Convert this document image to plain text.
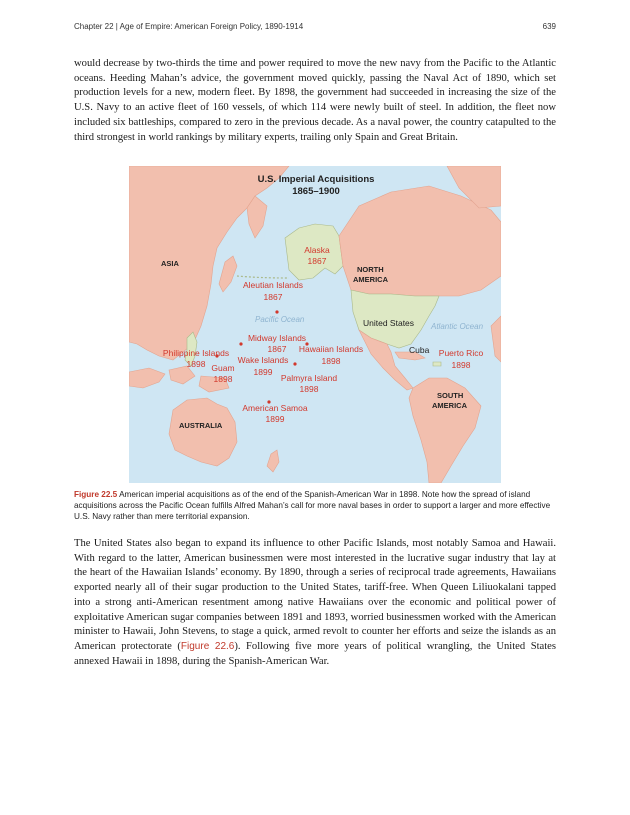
Chapter 22 | Age of Empire: American Foreign Policy, 1890-1914	639

would decrease by two-thirds the time and power required to move the new navy from the Pacific to the Atlantic oceans. Heeding Mahan’s advice, the government moved quickly, passing the Naval Act of 1890, which set production levels for a new, modern fleet. By 1898, the government had succeeded in increasing the size of the U.S. Navy to an active fleet of 160 vessels, of which 114 were newly built of steel. In addition, the fleet now included six battleships, compared to zero in the previous decade. As a naval power, the country catapulted to the third strongest in world rankings by military experts, trailing only Spain and Great Britain.

U.S. Imperial Acquisitions
1865–1900
ASIA
NORTH
AMERICA
SOUTH
AMERICA
AUSTRALIA
United States
Cuba
Pacific Ocean
Atlantic Ocean
Alaska
1867
Aleutian Islands
1867
Midway Islands
1867
Philippine Islands
1898	Wake Islands
1899
Guam
1898
Hawaiian Islands
1898
Palmyra Island
1898
American Samoa
1899
Puerto Rico
1898
Figure 22.5 American imperial acquisitions as of the end of the Spanish-American War in 1898. Note how the spread of island acquisitions across the Pacific Ocean fulfills Alfred Mahan’s call for more naval bases in order to support a larger and more effective U.S. Navy rather than mere territorial expansion.

The United States also began to expand its influence to other Pacific Islands, most notably Samoa and Hawaii. With regard to the latter, American businessmen were most interested in the lucrative sugar industry that lay at the heart of the Hawaiian Islands’ economy. By 1890, through a series of reciprocal trade agreements, Hawaiians exported nearly all of their sugar production to the United States, tariff-free. When Queen Liliuokalani tapped into a strong anti-American resentment among native Hawaiians over the economic and political power of exploitative American sugar companies between 1891 and 1893, worried businessmen worked with the American minister to Hawaii, John Stevens, to stage a quick, armed revolt to counter her efforts and seize the islands as an American protectorate (Figure 22.6). Following five more years of political wrangling, the United States annexed Hawaii in 1898, during the Spanish-American War.
